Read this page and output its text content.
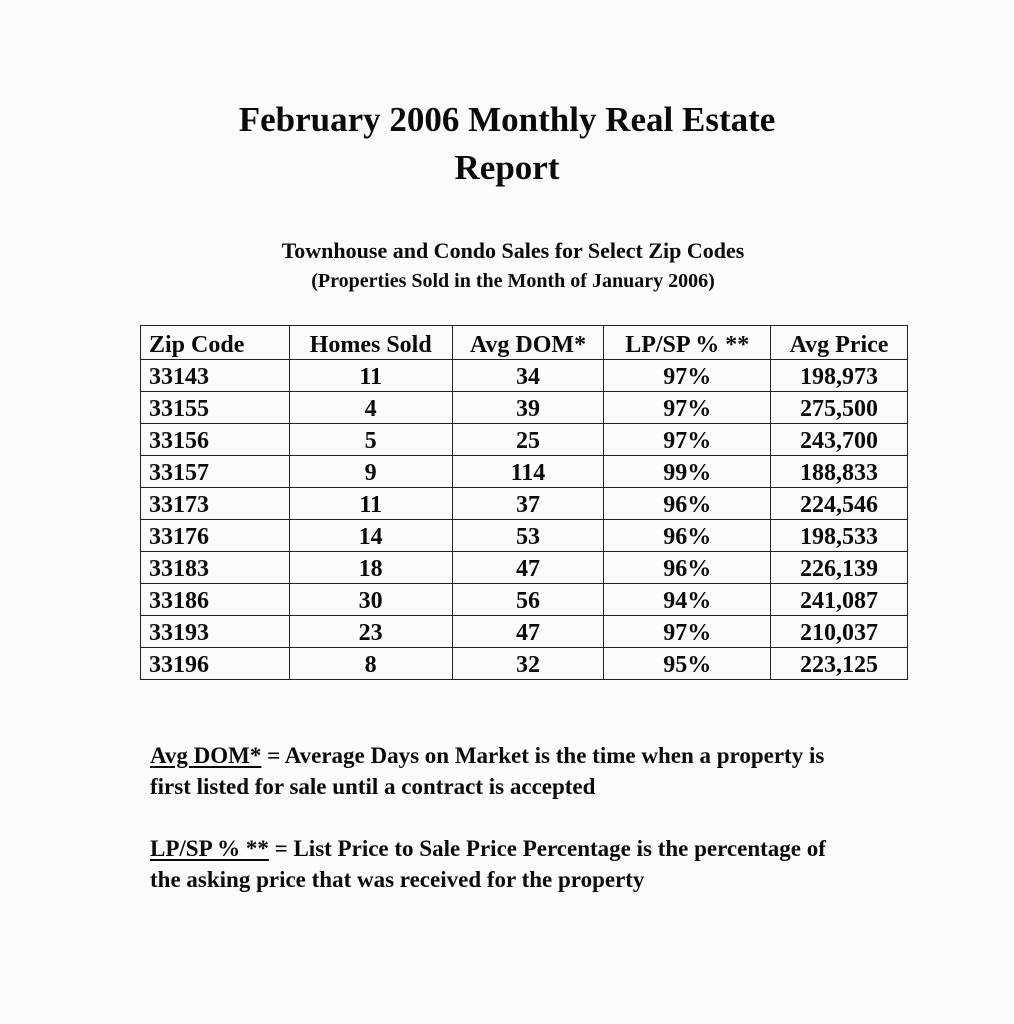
February 2006 Monthly Real Estate
Report
Townhouse and Condo Sales for Select Zip Codes
(Properties Sold in the Month of January 2006)
Zip Code	Homes Sold	Avg DOM*	LP/SP % **	Avg Price
33143	11	34	97%	198,973
33155	4	39	97%	275,500
33156	5	25	97%	243,700
33157	9	114	99%	188,833
33173	11	37	96%	224,546
33176	14	53	96%	198,533
33183	18	47	96%	226,139
33186	30	56	94%	241,087
33193	23	47	97%	210,037
33196	8	32	95%	223,125
Avg DOM* = Average Days on Market is the time when a property is first listed for sale until a contract is accepted
LP/SP % ** = List Price to Sale Price Percentage is the percentage of the asking price that was received for the property
